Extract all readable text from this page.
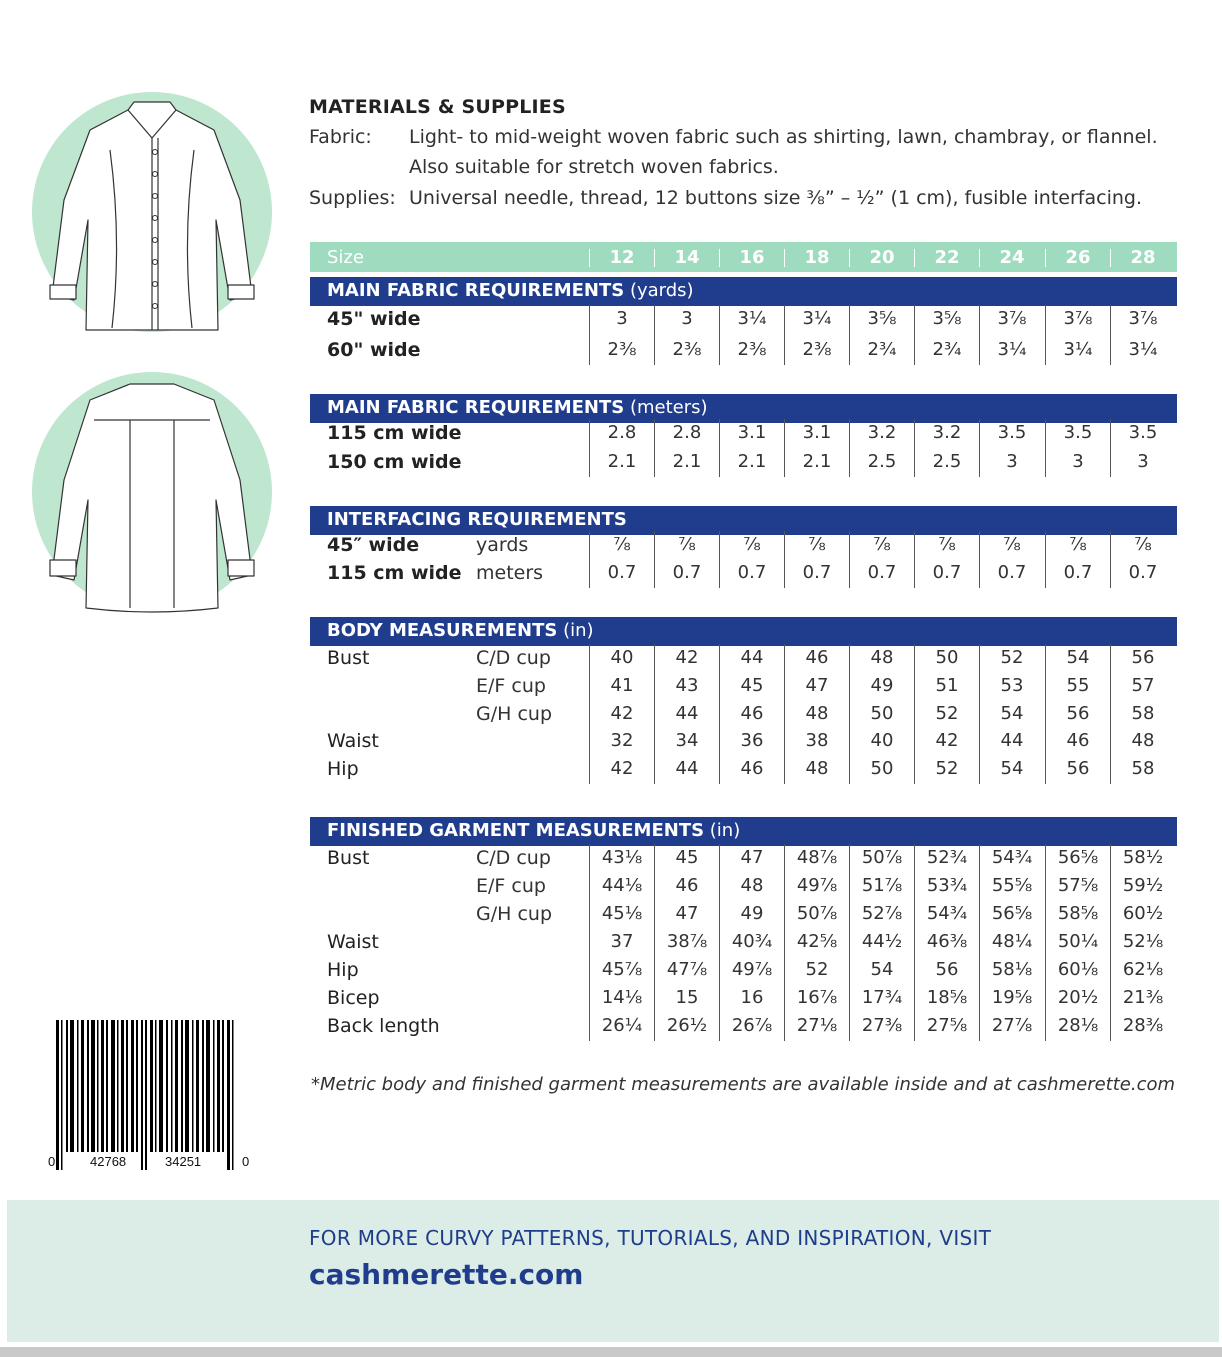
0	42768	34251	0
MATERIALS & SUPPLIES
Fabric: Light- to mid-weight woven fabric such as shirting, lawn, chambray, or flannel.
Also suitable for stretch woven fabrics.
Supplies: Universal needle, thread, 12 buttons size ⅜” – ½” (1 cm), fusible interfacing.
Size	12	14	16	18	20	22	24	26	28
MAIN FABRIC REQUIREMENTS (yards)
45" wide	3	3	3¼	3¼	3⅝	3⅝	3⅞	3⅞	3⅞
60" wide	2⅜	2⅜	2⅜	2⅜	2¾	2¾	3¼	3¼	3¼
MAIN FABRIC REQUIREMENTS (meters)
115 cm wide	2.8	2.8	3.1	3.1	3.2	3.2	3.5	3.5	3.5
150 cm wide	2.1	2.1	2.1	2.1	2.5	2.5	3	3	3
INTERFACING REQUIREMENTS
45″ wide	yards	⅞	⅞	⅞	⅞	⅞	⅞	⅞	⅞	⅞
115 cm wide meters	0.7	0.7	0.7	0.7	0.7	0.7	0.7	0.7	0.7
BODY MEASUREMENTS (in)
Bust	C/D cup	40	42	44	46	48	50	52	54	56
E/F cup	41	43	45	47	49	51	53	55	57
G/H cup	42	44	46	48	50	52	54	56	58
Waist	32	34	36	38	40	42	44	46	48
Hip	42	44	46	48	50	52	54	56	58
FINISHED GARMENT MEASUREMENTS (in)
Bust	C/D cup	43⅛	45	47	48⅞	50⅞	52¾	54¾	56⅝	58½
E/F cup	44⅛	46	48	49⅞	51⅞	53¾	55⅝	57⅝	59½
G/H cup	45⅛	47	49	50⅞	52⅞	54¾	56⅝	58⅝	60½
Waist	37	38⅞	40¾	42⅝	44½	46⅜	48¼	50¼	52⅛
Hip	45⅞	47⅞	49⅞	52	54	56	58⅛	60⅛	62⅛
Bicep	14⅛	15	16	16⅞	17¾	18⅝	19⅝	20½	21⅜
Back length	26¼	26½	26⅞	27⅛	27⅜	27⅝	27⅞	28⅛	28⅜
*Metric body and finished garment measurements are available inside and at cashmerette.com
FOR MORE CURVY PATTERNS, TUTORIALS, AND INSPIRATION, VISIT
cashmerette.com
